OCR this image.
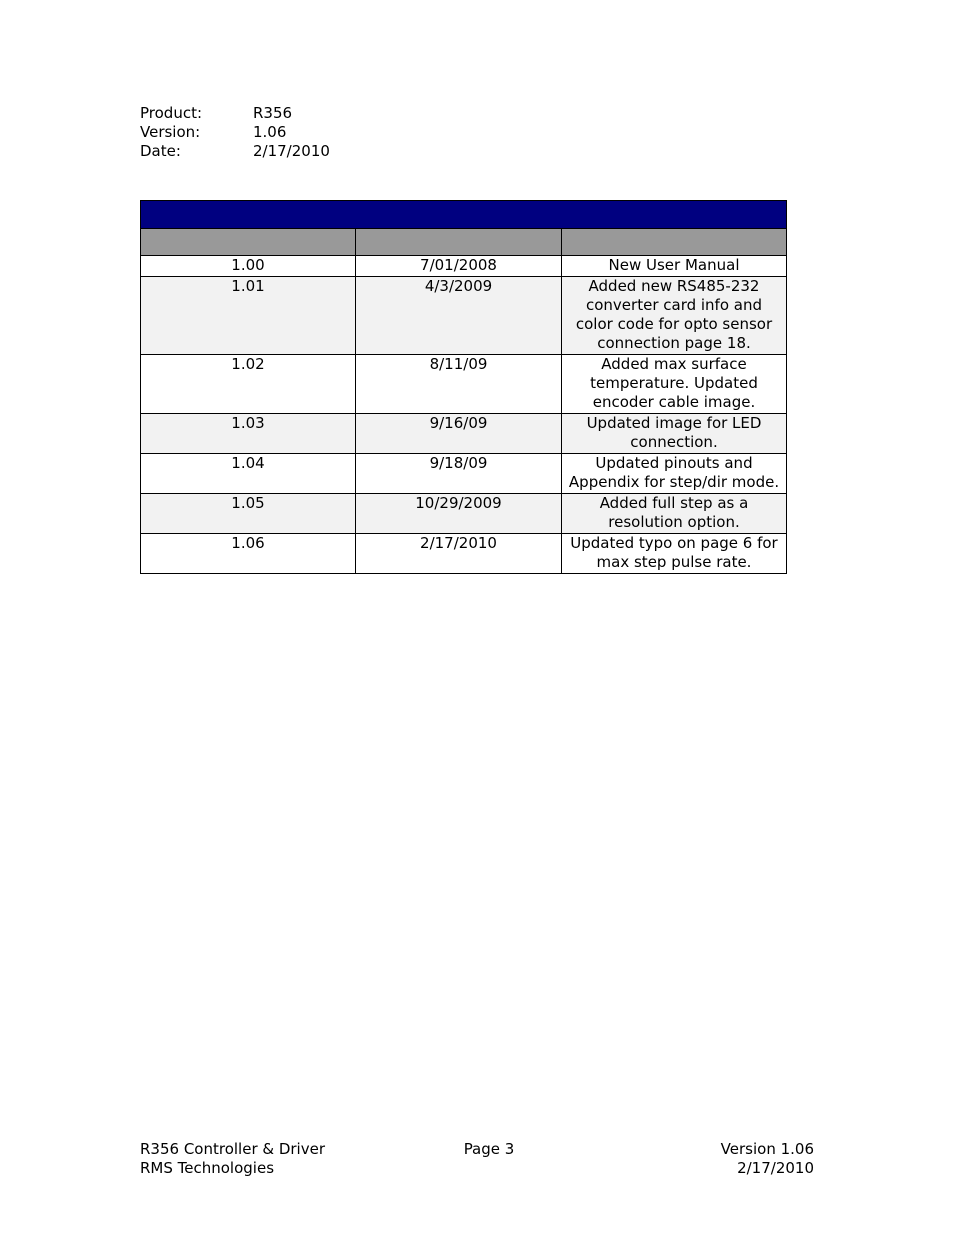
Product:	R356
Version:	1.06
Date:	2/17/2010

1.00	7/01/2008	New User Manual
1.01	4/3/2009	Added new RS485-232 converter card info and color code for opto sensor connection page 18.
1.02	8/11/09	Added max surface temperature. Updated encoder cable image.
1.03	9/16/09	Updated image for LED connection.
1.04	9/18/09	Updated pinouts and Appendix for step/dir mode.
1.05	10/29/2009	Added full step as a resolution option.
1.06	2/17/2010	Updated typo on page 6 for max step pulse rate.
R356 Controller & Driver	Page 3	Version 1.06
RMS Technologies	2/17/2010
